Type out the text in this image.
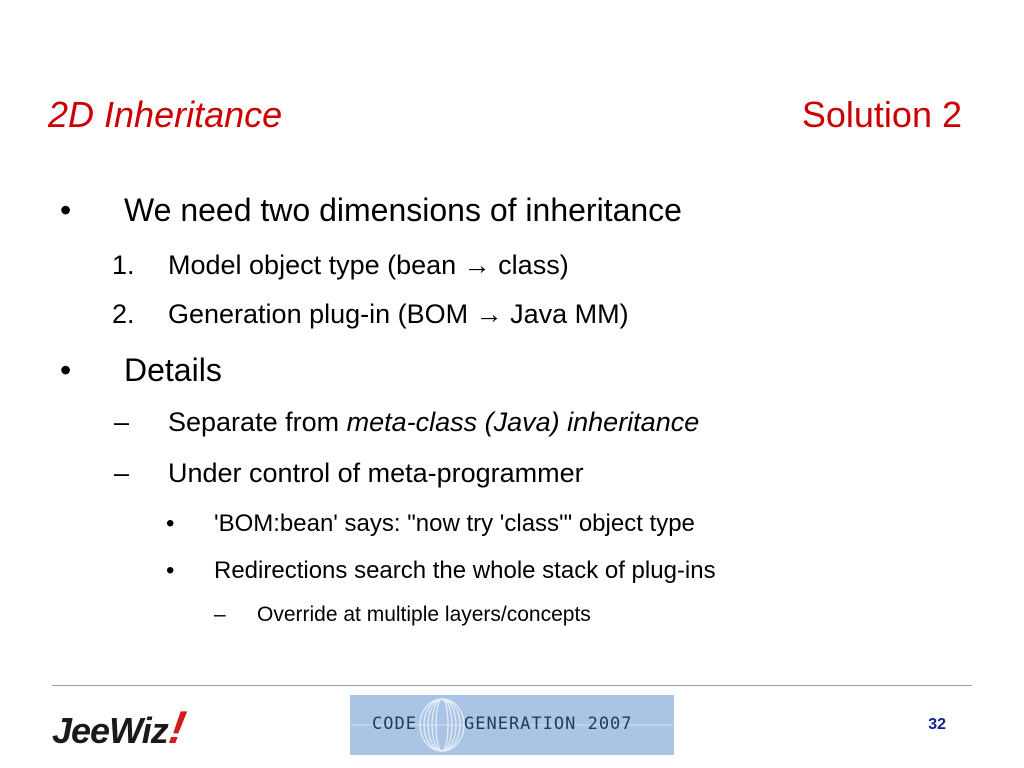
2D Inheritance	Solution 2
• We need two dimensions of inheritance
1. Model object type (bean → class)
2. Generation plug-in (BOM → Java MM)
• Details
– Separate from meta-class (Java) inheritance
– Under control of meta-programmer
• 'BOM:bean' says: "now try 'class'" object type
• Redirections search the whole stack of plug-ins
– Override at multiple layers/concepts
JeeWiz!	CODE	GENERATION 2007	32
